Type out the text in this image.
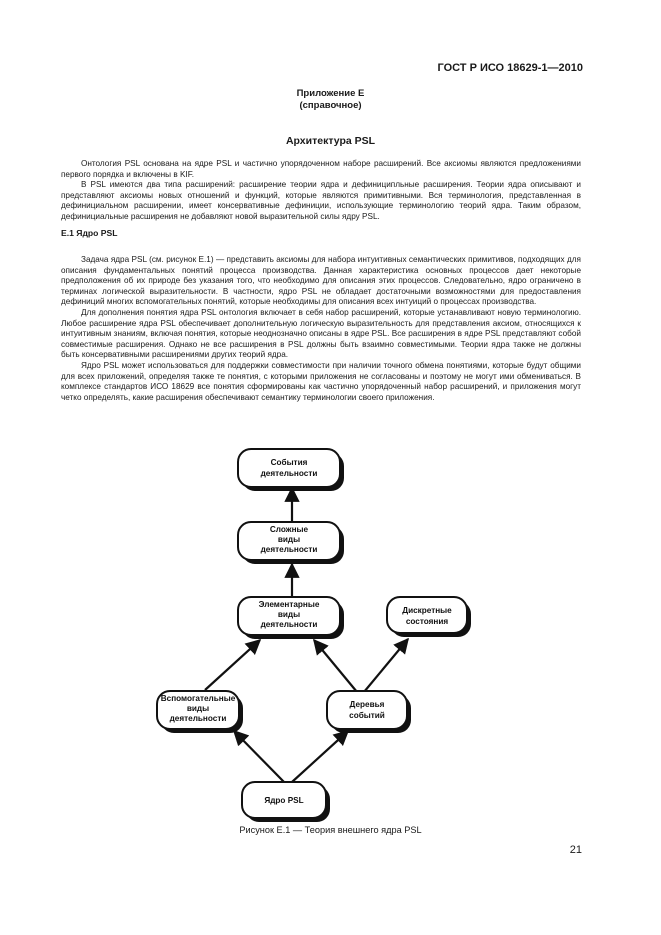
ГОСТ Р ИСО 18629-1—2010
Приложение Е
(справочное)
Архитектура PSL

Онтология PSL основана на ядре PSL и частично упорядоченном наборе расширений. Все аксиомы являются предложениями первого порядка и включены в KIF.

В PSL имеются два типа расширений: расширение теории ядра и дефиниципльные расширения. Теории ядра описывают и представляют аксиомы новых отношений и функций, которые являются примитивными. Вся терминология, представленная в дефинициальном расширении, имеет консервативные дефиниции, использующие терминологию теорий ядра. Таким образом, дефинициальные расширения не добавляют новой выразительной силы ядру PSL.

Е.1 Ядро PSL

Задача ядра PSL (см. рисунок Е.1) — представить аксиомы для набора интуитивных семантических примитивов, подходящих для описания фундаментальных понятий процесса производства. Данная характеристика основных процессов дает некоторые предположения об их природе без указания того, что необходимо для описания этих процессов. Следовательно, ядро ограничено в терминах логической выразительности. В частности, ядро PSL не обладает достаточными возможностями для предоставления дефиниций многих вспомогательных понятий, которые необходимы для описания всех интуиций о процессах производства.

Для дополнения понятия ядра PSL онтология включает в себя набор расширений, которые устанавливают новую терминологию. Любое расширение ядра PSL обеспечивает дополнительную логическую выразительность для представления аксиом, относящихся к интуитивным знаниям, включая понятия, которые неоднозначно описаны в ядре PSL. Все расширения в ядре PSL представляют собой совместимые расширения. Однако не все расширения в PSL должны быть взаимно совместимыми. Теории ядра также не должны быть консервативными расширениями других теорий ядра.

Ядро PSL может использоваться для поддержки совместимости при наличии точного обмена понятиями, которые будут общими для всех приложений, определяя также те понятия, с которыми приложения не согласованы и поэтому не могут ими обмениваться. В комплексе стандартов ИСО 18629 все понятия сформированы как частично упорядоченный набор расширений, и приложения могут четко определять, какие расширения обеспечивают семантику терминологии своего приложения.

События
деятельности
Сложные
виды
деятельности
Элементарные
виды
деятельности
Дискретные
состояния
Вспомогательные
виды
деятельности
Деревья
событий
Ядро PSL
Рисунок Е.1 — Теория внешнего ядра PSL
21
